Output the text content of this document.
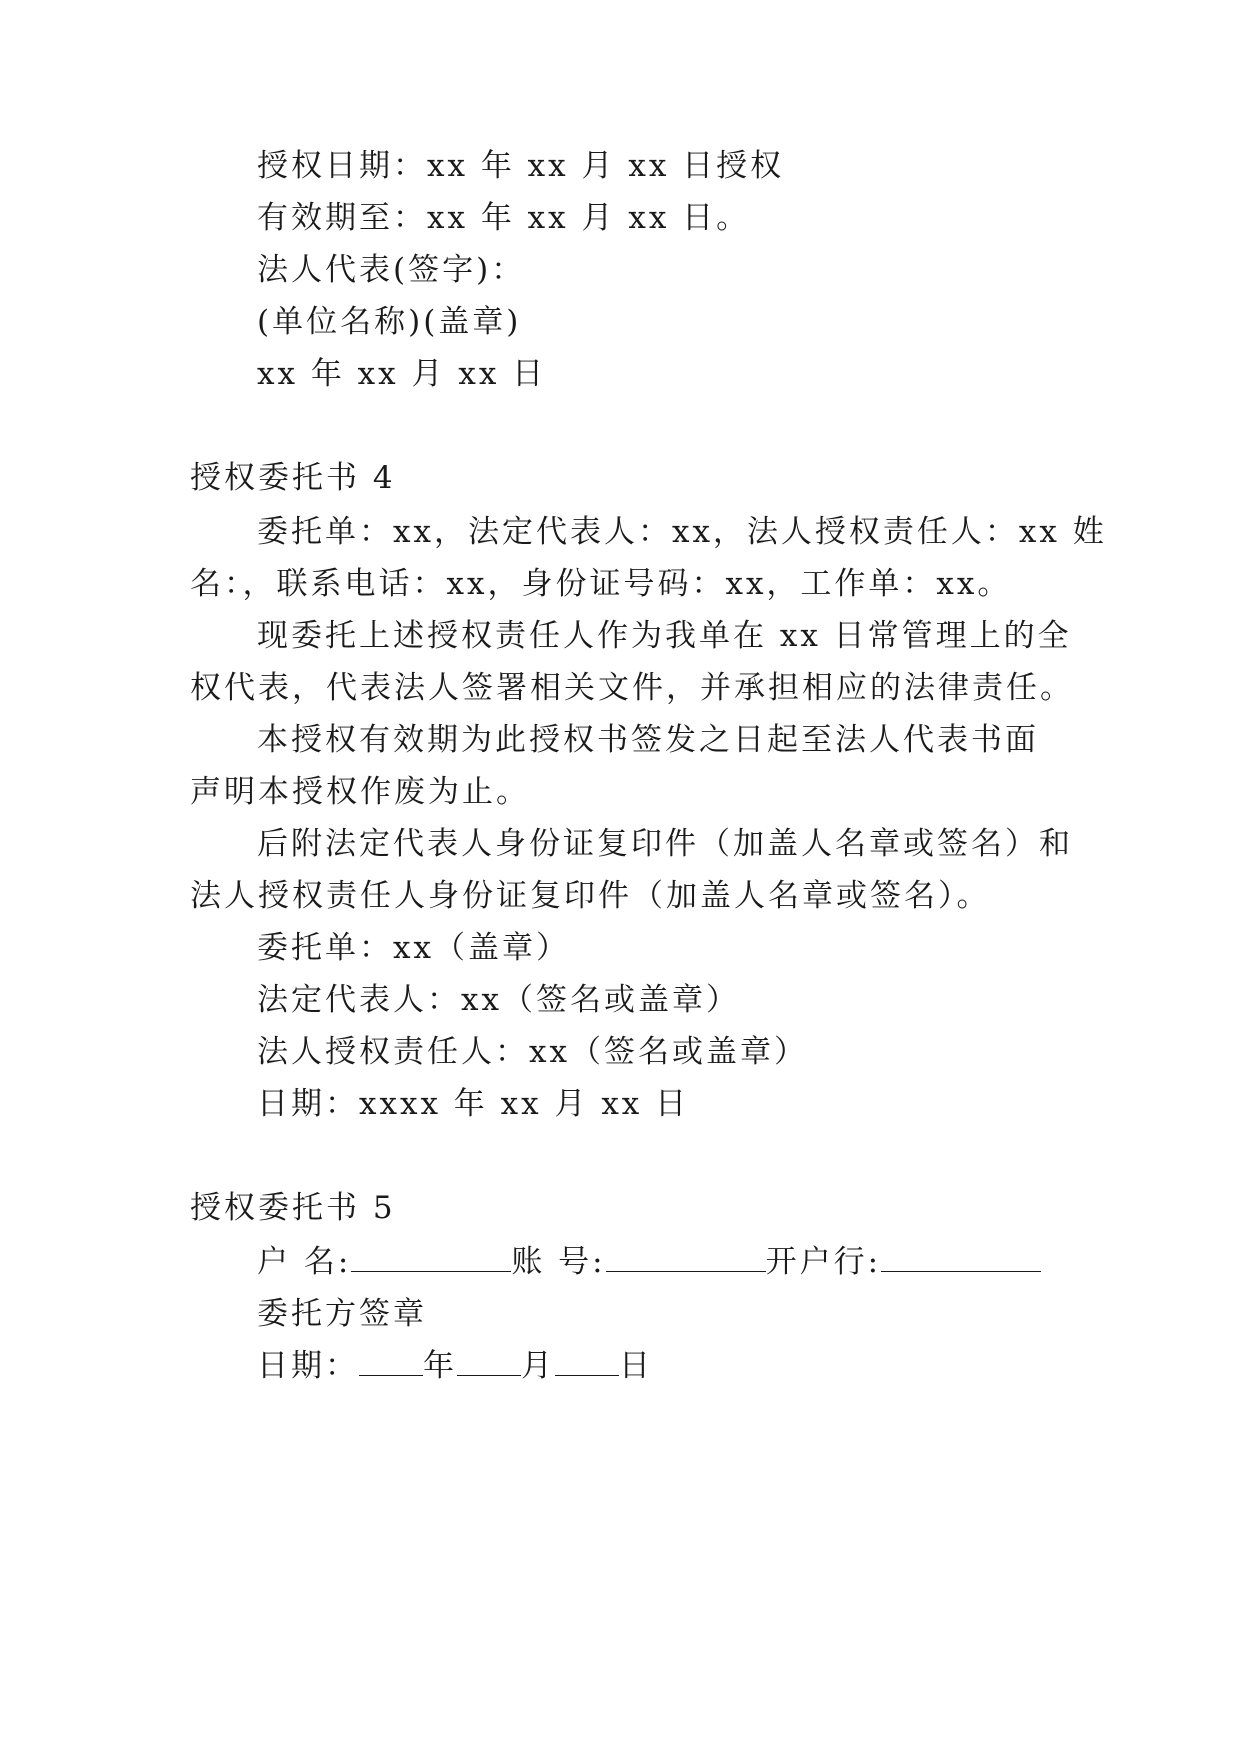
授权日期：xx 年 xx 月 xx 日授权
有效期至：xx 年 xx 月 xx 日。
法人代表(签字)：
(单位名称)(盖章)
xx 年 xx 月 xx 日
授权委托书 4
委托单：xx，法定代表人：xx，法人授权责任人：xx 姓
名：，联系电话：xx，身份证号码：xx，工作单：xx。
现委托上述授权责任人作为我单在 xx 日常管理上的全
权代表，代表法人签署相关文件，并承担相应的法律责任。
本授权有效期为此授权书签发之日起至法人代表书面
声明本授权作废为止。
后附法定代表人身份证复印件（加盖人名章或签名）和
法人授权责任人身份证复印件（加盖人名章或签名）。
委托单：xx（盖章）
法定代表人：xx（签名或盖章）
法人授权责任人：xx（签名或盖章）
日期：xxxx 年 xx 月 xx 日
授权委托书 5
户 名:	账 号:	开户行:
委托方签章
日期： 年 月 日
